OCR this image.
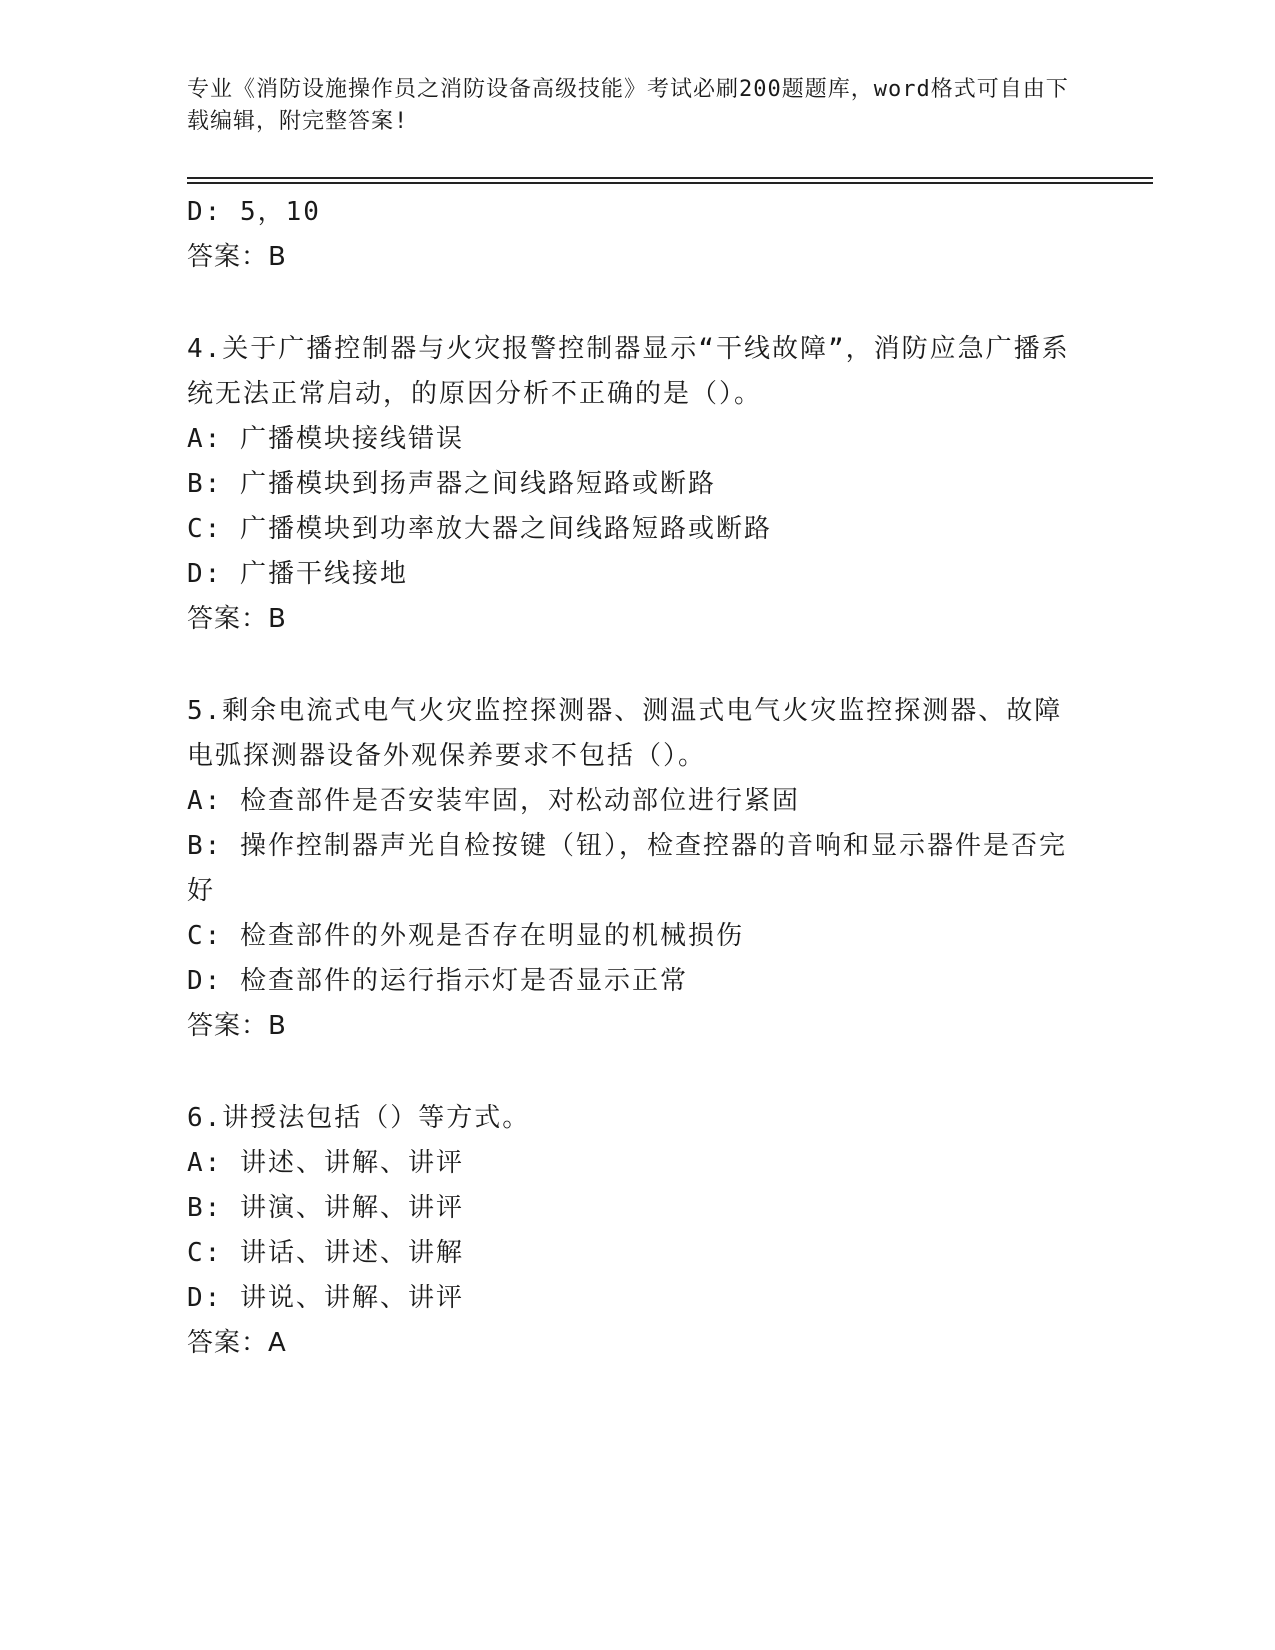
专业《消防设施操作员之消防设备高级技能》考试必刷200题题库，word格式可自由下载编辑，附完整答案!
D: 5，10
答案：B
4.关于广播控制器与火灾报警控制器显示“干线故障”，消防应急广播系统无法正常启动，的原因分析不正确的是（）。
A: 广播模块接线错误
B: 广播模块到扬声器之间线路短路或断路
C: 广播模块到功率放大器之间线路短路或断路
D: 广播干线接地
答案：B
5.剩余电流式电气火灾监控探测器、测温式电气火灾监控探测器、故障电弧探测器设备外观保养要求不包括（）。
A: 检查部件是否安装牢固，对松动部位进行紧固
B: 操作控制器声光自检按键（钮），检查控器的音响和显示器件是否完好
C: 检查部件的外观是否存在明显的机械损伤
D: 检查部件的运行指示灯是否显示正常
答案：B
6.讲授法包括（）等方式。
A: 讲述、讲解、讲评
B: 讲演、讲解、讲评
C: 讲话、讲述、讲解
D: 讲说、讲解、讲评
答案：A
